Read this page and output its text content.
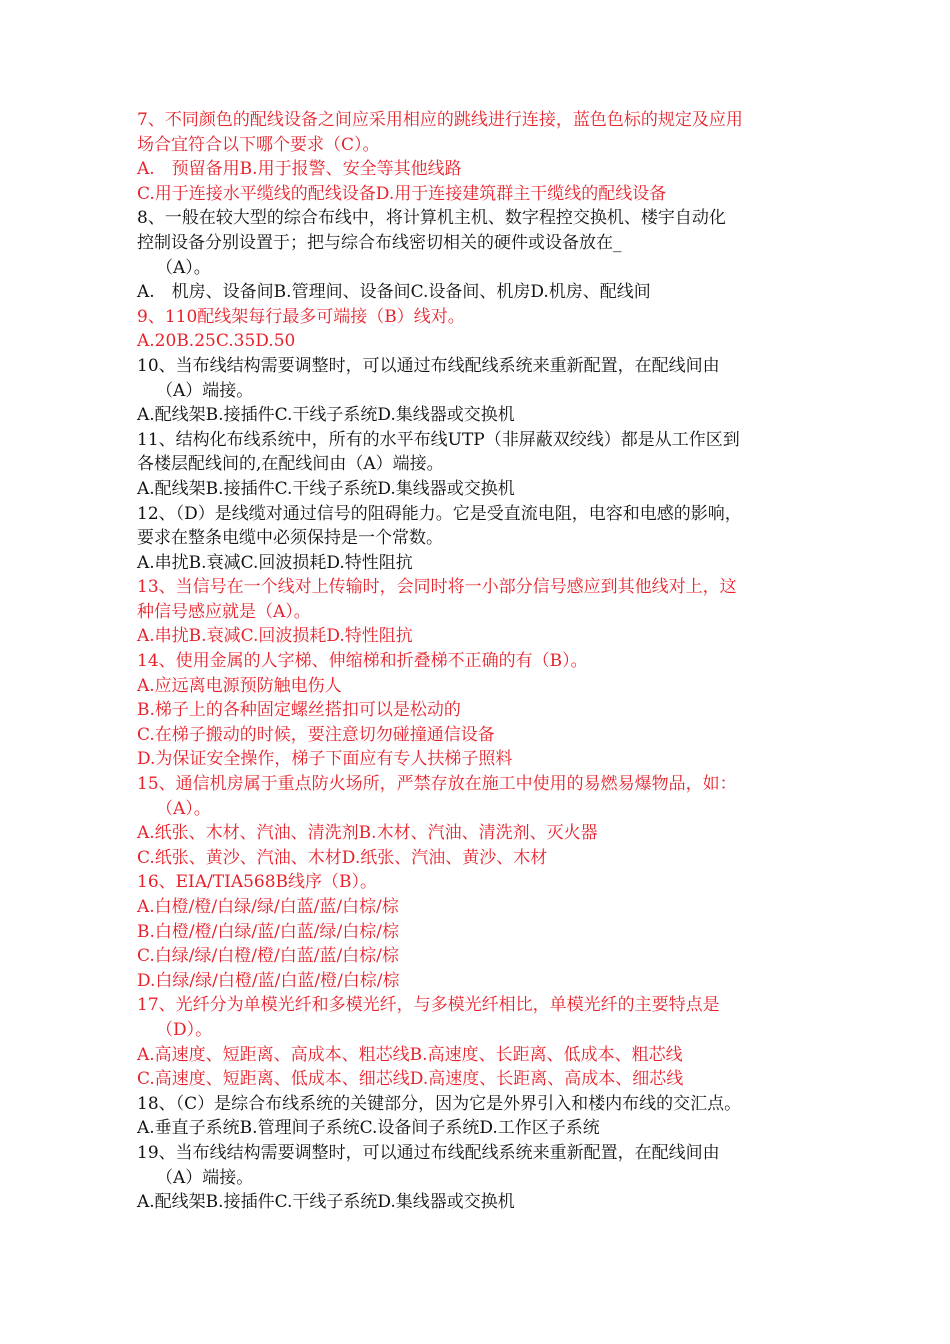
7、不同颜色的配线设备之间应采用相应的跳线进行连接，蓝色色标的规定及应用
场合宜符合以下哪个要求（C）。
A.　预留备用B.用于报警、安全等其他线路
C.用于连接水平缆线的配线设备D.用于连接建筑群主干缆线的配线设备
8、一般在较大型的综合布线中，将计算机主机、数字程控交换机、楼宇自动化
控制设备分别设置于；把与综合布线密切相关的硬件或设备放在_
（A）。
A.　机房、设备间B.管理间、设备间C.设备间、机房D.机房、配线间
9、110配线架每行最多可端接（B）线对。
A.20B.25C.35D.50
10、当布线结构需要调整时，可以通过布线配线系统来重新配置，在配线间由
（A）端接。
A.配线架B.接插件C.干线子系统D.集线器或交换机
11、结构化布线系统中，所有的水平布线UTP（非屏蔽双绞线）都是从工作区到
各楼层配线间的,在配线间由（A）端接。
A.配线架B.接插件C.干线子系统D.集线器或交换机
12、（D）是线缆对通过信号的阻碍能力。它是受直流电阻，电容和电感的影响，
要求在整条电缆中必须保持是一个常数。
A.串扰B.衰减C.回波损耗D.特性阻抗
13、当信号在一个线对上传输时，会同时将一小部分信号感应到其他线对上，这
种信号感应就是（A）。
A.串扰B.衰减C.回波损耗D.特性阻抗
14、使用金属的人字梯、伸缩梯和折叠梯不正确的有（B）。
A.应远离电源预防触电伤人
B.梯子上的各种固定螺丝搭扣可以是松动的
C.在梯子搬动的时候，要注意切勿碰撞通信设备
D.为保证安全操作，梯子下面应有专人扶梯子照料
15、通信机房属于重点防火场所，严禁存放在施工中使用的易燃易爆物品，如：
（A）。
A.纸张、木材、汽油、清洗剂B.木材、汽油、清洗剂、灭火器
C.纸张、黄沙、汽油、木材D.纸张、汽油、黄沙、木材
16、EIA/TIA568B线序（B）。
A.白橙/橙/白绿/绿/白蓝/蓝/白棕/棕
B.白橙/橙/白绿/蓝/白蓝/绿/白棕/棕
C.白绿/绿/白橙/橙/白蓝/蓝/白棕/棕
D.白绿/绿/白橙/蓝/白蓝/橙/白棕/棕
17、光纤分为单模光纤和多模光纤，与多模光纤相比，单模光纤的主要特点是
（D）。
A.高速度、短距离、高成本、粗芯线B.高速度、长距离、低成本、粗芯线
C.高速度、短距离、低成本、细芯线D.高速度、长距离、高成本、细芯线
18、（C）是综合布线系统的关键部分，因为它是外界引入和楼内布线的交汇点。
A.垂直子系统B.管理间子系统C.设备间子系统D.工作区子系统
19、当布线结构需要调整时，可以通过布线配线系统来重新配置，在配线间由
（A）端接。
A.配线架B.接插件C.干线子系统D.集线器或交换机
